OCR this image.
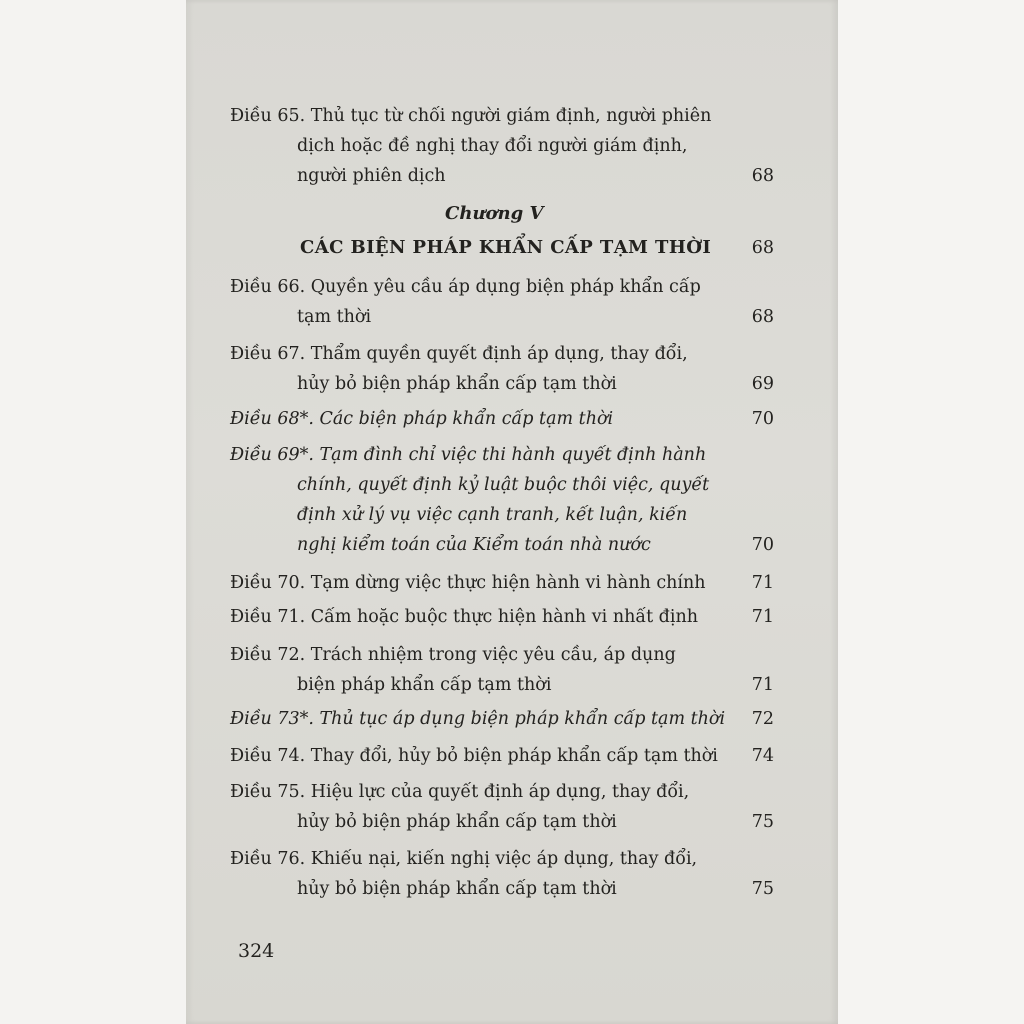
Điều 65. Thủ tục từ chối người giám định, người phiên
dịch hoặc đề nghị thay đổi người giám định,
người phiên dịch	68
Chương V
CÁC BIỆN PHÁP KHẨN CẤP TẠM THỜI 68
Điều 66. Quyền yêu cầu áp dụng biện pháp khẩn cấp
tạm thời	68
Điều 67. Thẩm quyền quyết định áp dụng, thay đổi,
hủy bỏ biện pháp khẩn cấp tạm thời	69
Điều 68*. Các biện pháp khẩn cấp tạm thời	70
Điều 69*. Tạm đình chỉ việc thi hành quyết định hành
chính, quyết định kỷ luật buộc thôi việc, quyết
định xử lý vụ việc cạnh tranh, kết luận, kiến
nghị kiểm toán của Kiểm toán nhà nước	70
Điều 70. Tạm dừng việc thực hiện hành vi hành chính	71
Điều 71. Cấm hoặc buộc thực hiện hành vi nhất định	71
Điều 72. Trách nhiệm trong việc yêu cầu, áp dụng
biện pháp khẩn cấp tạm thời	71
Điều 73*. Thủ tục áp dụng biện pháp khẩn cấp tạm thời	72
Điều 74. Thay đổi, hủy bỏ biện pháp khẩn cấp tạm thời	74
Điều 75. Hiệu lực của quyết định áp dụng, thay đổi,
hủy bỏ biện pháp khẩn cấp tạm thời	75
Điều 76. Khiếu nại, kiến nghị việc áp dụng, thay đổi,
hủy bỏ biện pháp khẩn cấp tạm thời	75
324
